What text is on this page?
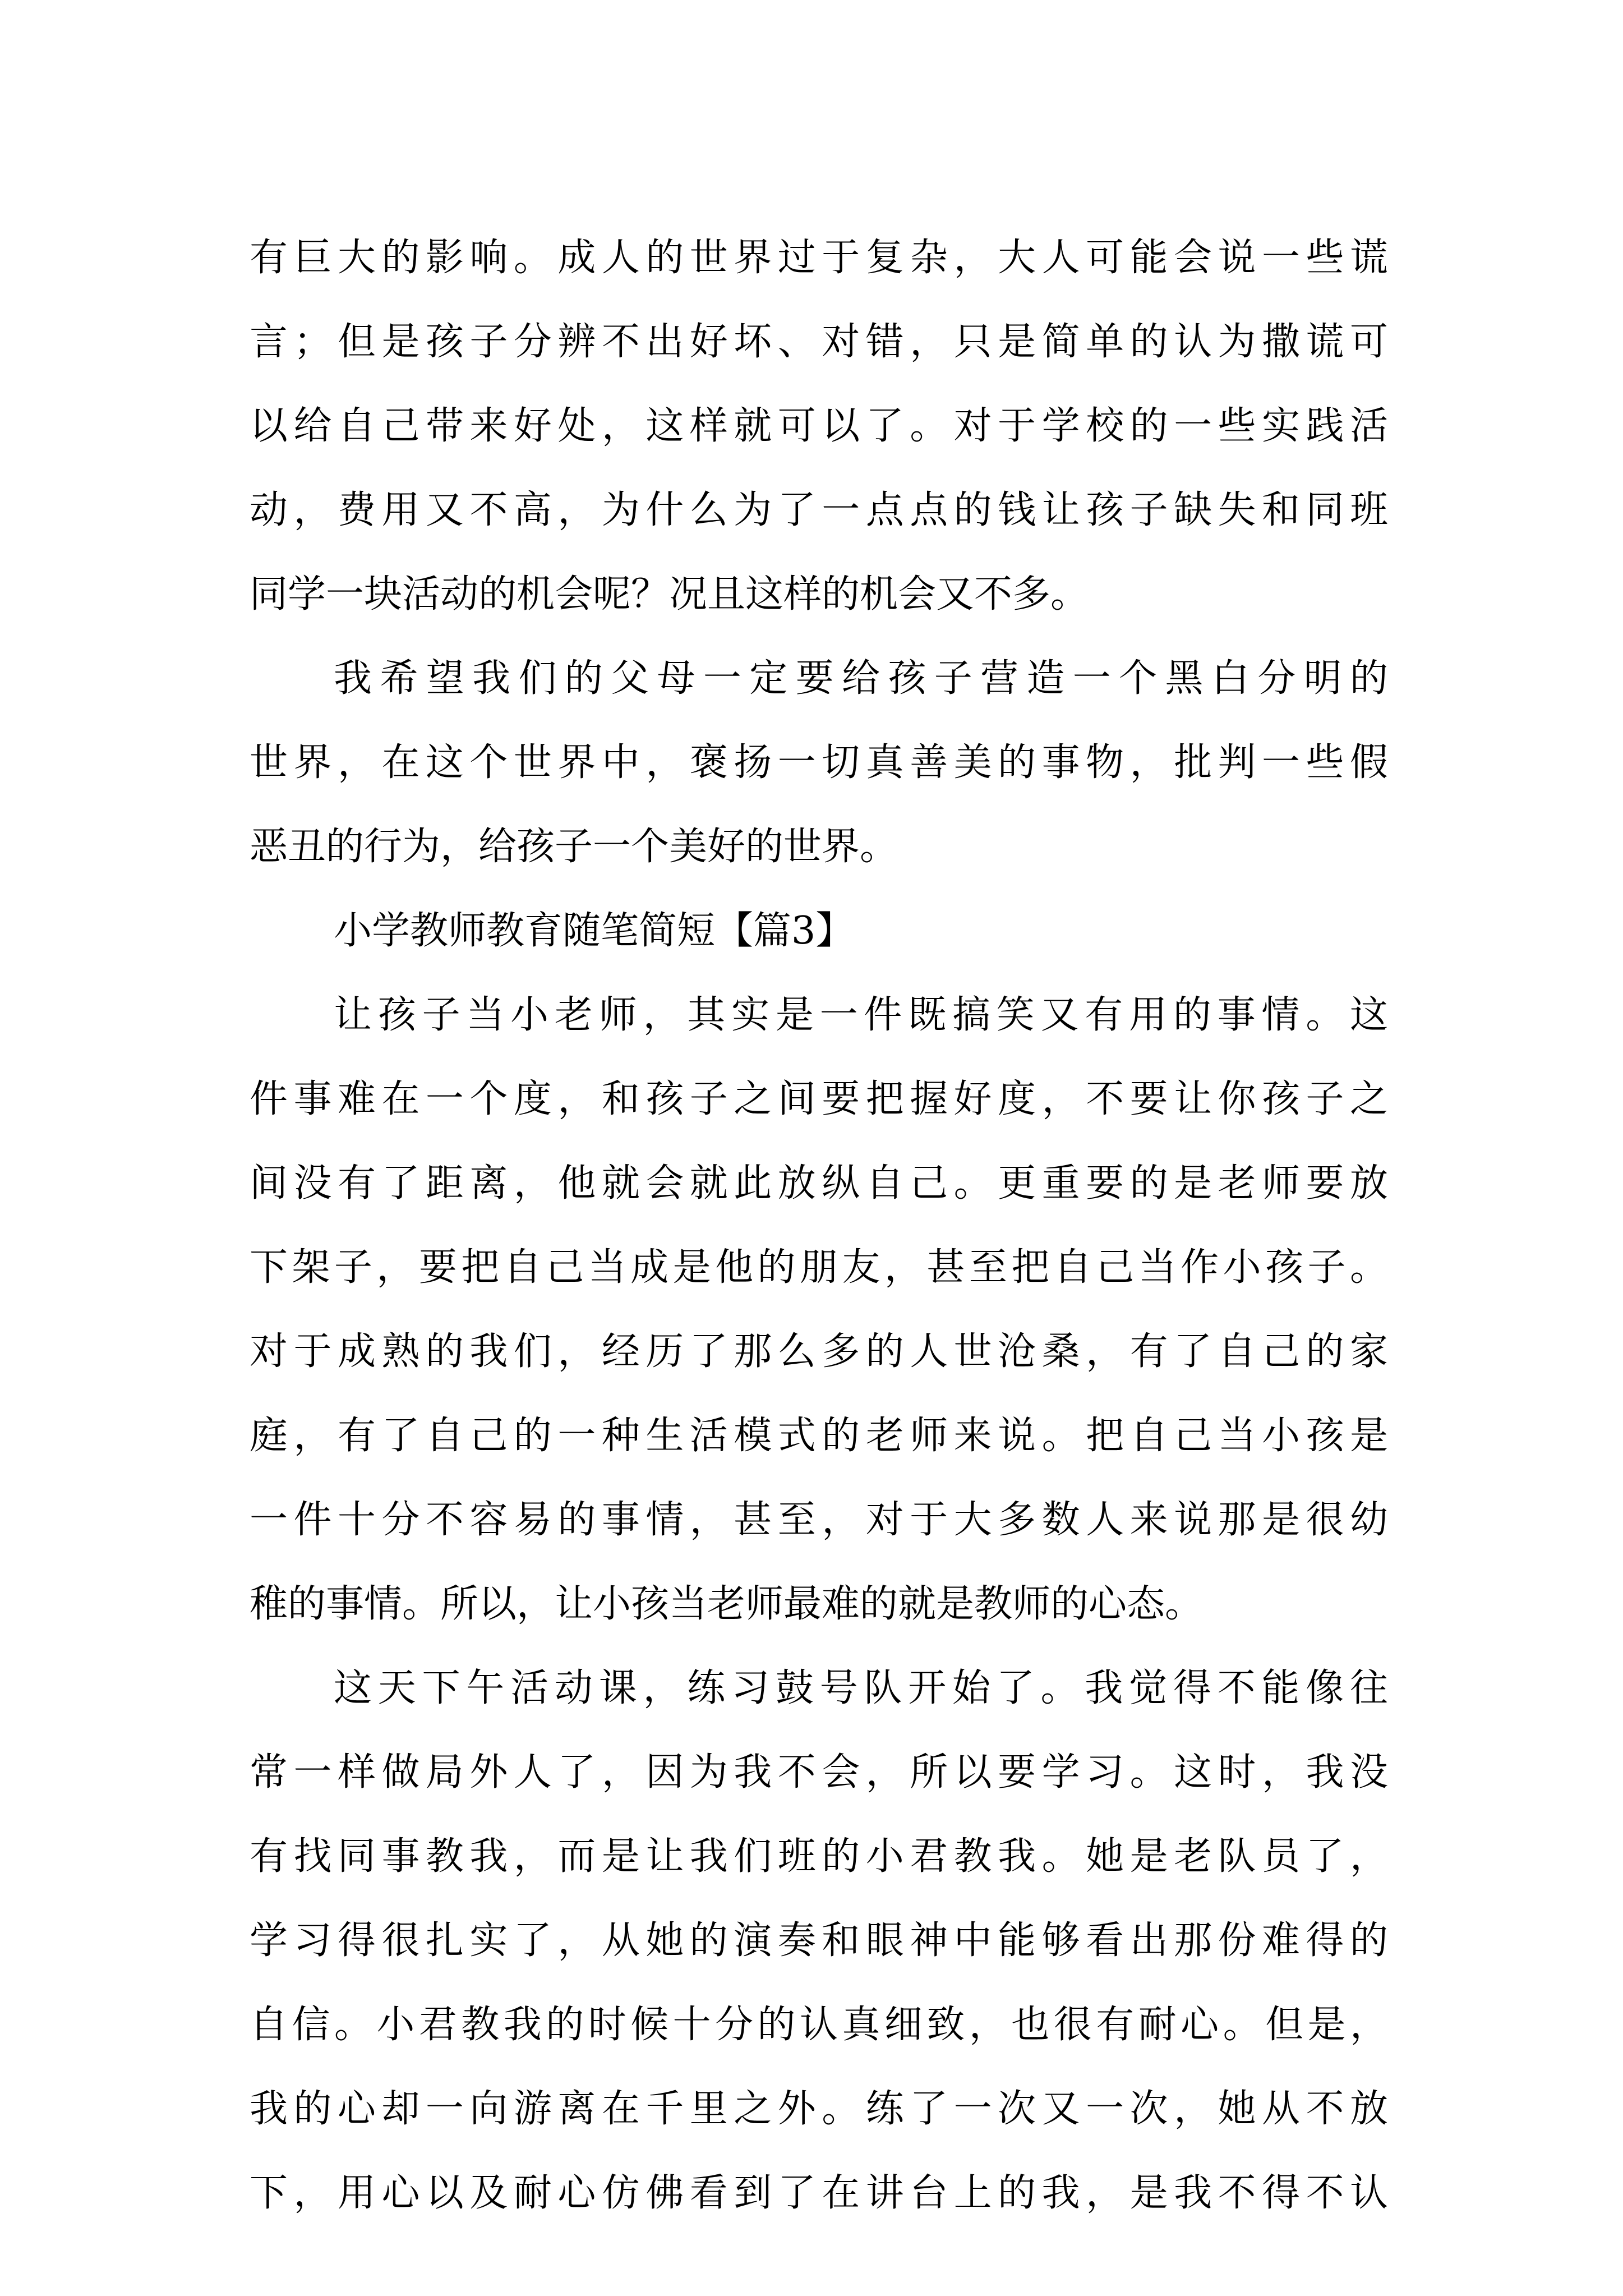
有巨大的影响。成人的世界过于复杂，大人可能会说一些谎
言；但是孩子分辨不出好坏、对错，只是简单的认为撒谎可
以给自己带来好处，这样就可以了。对于学校的一些实践活
动，费用又不高，为什么为了一点点的钱让孩子缺失和同班
同学一块活动的机会呢？况且这样的机会又不多。
我希望我们的父母一定要给孩子营造一个黑白分明的
世界，在这个世界中，褒扬一切真善美的事物，批判一些假
恶丑的行为，给孩子一个美好的世界。
小学教师教育随笔简短【篇3】
让孩子当小老师，其实是一件既搞笑又有用的事情。这
件事难在一个度，和孩子之间要把握好度，不要让你孩子之
间没有了距离，他就会就此放纵自己。更重要的是老师要放
下架子，要把自己当成是他的朋友，甚至把自己当作小孩子。
对于成熟的我们，经历了那么多的人世沧桑，有了自己的家
庭，有了自己的一种生活模式的老师来说。把自己当小孩是
一件十分不容易的事情，甚至，对于大多数人来说那是很幼
稚的事情。所以，让小孩当老师最难的就是教师的心态。
这天下午活动课，练习鼓号队开始了。我觉得不能像往
常一样做局外人了，因为我不会，所以要学习。这时，我没
有找同事教我，而是让我们班的小君教我。她是老队员了，
学习得很扎实了，从她的演奏和眼神中能够看出那份难得的
自信。小君教我的时候十分的认真细致，也很有耐心。但是，
我的心却一向游离在千里之外。练了一次又一次，她从不放
下，用心以及耐心仿佛看到了在讲台上的我，是我不得不认
